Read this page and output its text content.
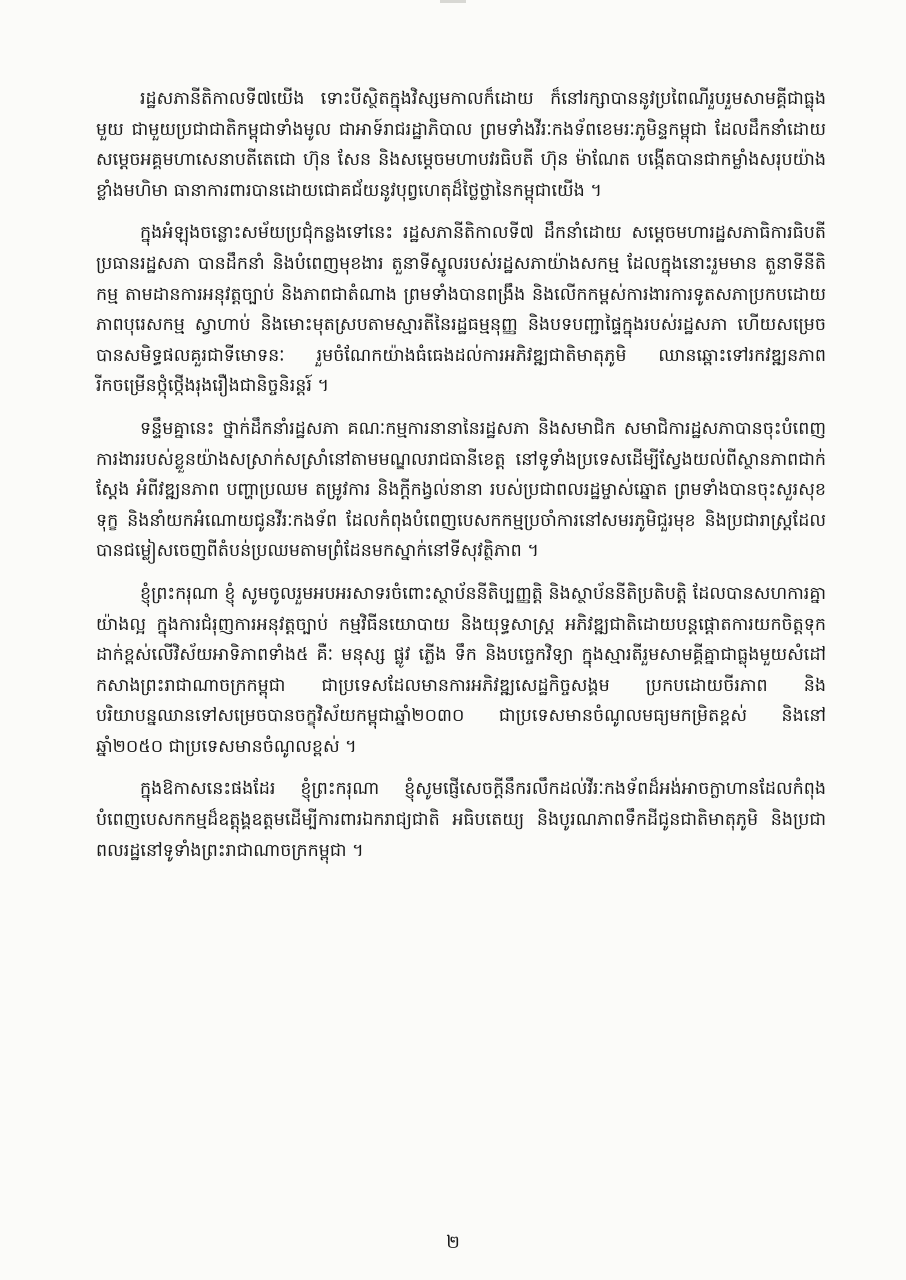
រដ្ឋសភានីតិកាលទី៧យើង ទោះបីស្ថិតក្នុងវិស្សមកាលក៏ដោយ ក៏នៅរក្សាបាននូវប្រពៃណីរួបរួមសាមគ្គីជាធ្លុងមួយ ជាមួយប្រជាជាតិកម្ពុជាទាំងមូល ជាអាទ៍រាជរដ្ឋាភិបាល ព្រមទាំងវីរៈកងទ័ពខេមរៈភូមិន្ទកម្ពុជា ដែលដឹកនាំដោយ សម្តេចអគ្គមហាសេនាបតីតេជោ ហ៊ុន សែន និងសម្តេចមហាបវរធិបតី ហ៊ុន ម៉ាណែត បង្កើតបានជាកម្លាំងសរុបយ៉ាងខ្លាំងមហិមា ធានាការពារបានដោយជោគជ័យនូវបុព្វហេតុដ៏ថ្លៃថ្លានៃកម្ពុជាយើង ។

ក្នុងអំឡុងចន្លោះសម័យប្រជុំកន្លងទៅនេះ រដ្ឋសភានីតិកាលទី៧ ដឹកនាំដោយ សម្តេចមហារដ្ឋសភាធិការធិបតី ប្រធានរដ្ឋសភា បានដឹកនាំ និងបំពេញមុខងារ តួនាទីស្នូលរបស់រដ្ឋសភាយ៉ាងសកម្ម ដែលក្នុងនោះរួមមាន តួនាទីនីតិកម្ម តាមដានការអនុវត្តច្បាប់ និងភាពជាតំណាង ព្រមទាំងបានពង្រឹង និងលើកកម្ពស់ការងារការទូតសភាប្រកបដោយភាពបុរេសកម្ម ស្វាហាប់ និងមោះមុតស្របតាមស្មារតីនៃរដ្ឋធម្មនុញ្ញ និងបទបញ្ជាផ្ទៃក្នុងរបស់រដ្ឋសភា ហើយសម្រេចបានសមិទ្ធផលគួរជាទីមោទនៈ រួមចំណែកយ៉ាងធំធេងដល់ការអភិវឌ្ឍជាតិមាតុភូមិ ឈានឆ្ពោះទៅរកវឌ្ឍនភាពរីកចម្រើនថ្កុំថ្កើងរុងរឿងជានិច្ចនិរន្តរ៍ ។

ទន្ទឹមគ្នានេះ ថ្នាក់ដឹកនាំរដ្ឋសភា គណៈកម្មការនានានៃរដ្ឋសភា និងសមាជិក សមាជិការដ្ឋសភាបានចុះបំពេញការងាររបស់ខ្លួនយ៉ាងសស្រាក់សស្រាំនៅតាមមណ្ឌលរាជធានីខេត្ត នៅទូទាំងប្រទេសដើម្បីស្វែងយល់ពីស្ថានភាពជាក់ស្តែង អំពីវឌ្ឍនភាព បញ្ហាប្រឈម តម្រូវការ និងក្តីកង្វល់នានា របស់ប្រជាពលរដ្ឋម្ចាស់ឆ្នោត ព្រមទាំងបានចុះសួរសុខទុក្ខ និងនាំយកអំណោយជូនវីរៈកងទ័ព ដែលកំពុងបំពេញបេសកកម្មប្រចាំការនៅសមរភូមិជួរមុខ និងប្រជារាស្ត្រដែលបានជម្លៀសចេញពីតំបន់ប្រឈមតាមព្រំដែនមកស្នាក់នៅទីសុវត្ថិភាព ។

ខ្ញុំព្រះករុណា ខ្ញុំ សូមចូលរួមអបអរសាទរចំពោះស្ថាប័ននីតិប្បញ្ញត្តិ និងស្ថាប័ននីតិប្រតិបត្តិ ដែលបានសហការគ្នាយ៉ាងល្អ ក្នុងការជំរុញការអនុវត្តច្បាប់ កម្មវិធីនយោបាយ និងយុទ្ធសាស្ត្រ អភិវឌ្ឍជាតិដោយបន្តផ្តោតការយកចិត្តទុកដាក់ខ្ពស់លើវិស័យអាទិភាពទាំង៥ គឺៈ មនុស្ស ផ្លូវ ភ្លើង ទឹក និងបច្ចេកវិទ្យា ក្នុងស្មារតីរួមសាមគ្គីគ្នាជាធ្លុងមួយសំដៅកសាងព្រះរាជាណាចក្រកម្ពុជា ជាប្រទេសដែលមានការអភិវឌ្ឍសេដ្ឋកិច្ចសង្គម ប្រកបដោយចីរភាព និងបរិយាបន្នឈានទៅសម្រេចបានចក្ខុវិស័យកម្ពុជាឆ្នាំ២០៣០ ជាប្រទេសមានចំណូលមធ្យមកម្រិតខ្ពស់ និងនៅឆ្នាំ២០៥០ ជាប្រទេសមានចំណូលខ្ពស់ ។

ក្នុងឱកាសនេះផងដែរ ខ្ញុំព្រះករុណា ខ្ញុំសូមផ្ញើសេចក្តីនឹករលឹកដល់វីរៈកងទ័ពដ៏អង់អាចក្លាហានដែលកំពុងបំពេញបេសកកម្មដ៏ឧត្តុង្គឧត្តមដើម្បីការពារឯករាជ្យជាតិ អធិបតេយ្យ និងបូរណភាពទឹកដីជូនជាតិមាតុភូមិ និងប្រជាពលរដ្ឋនៅទូទាំងព្រះរាជាណាចក្រកម្ពុជា ។

២
